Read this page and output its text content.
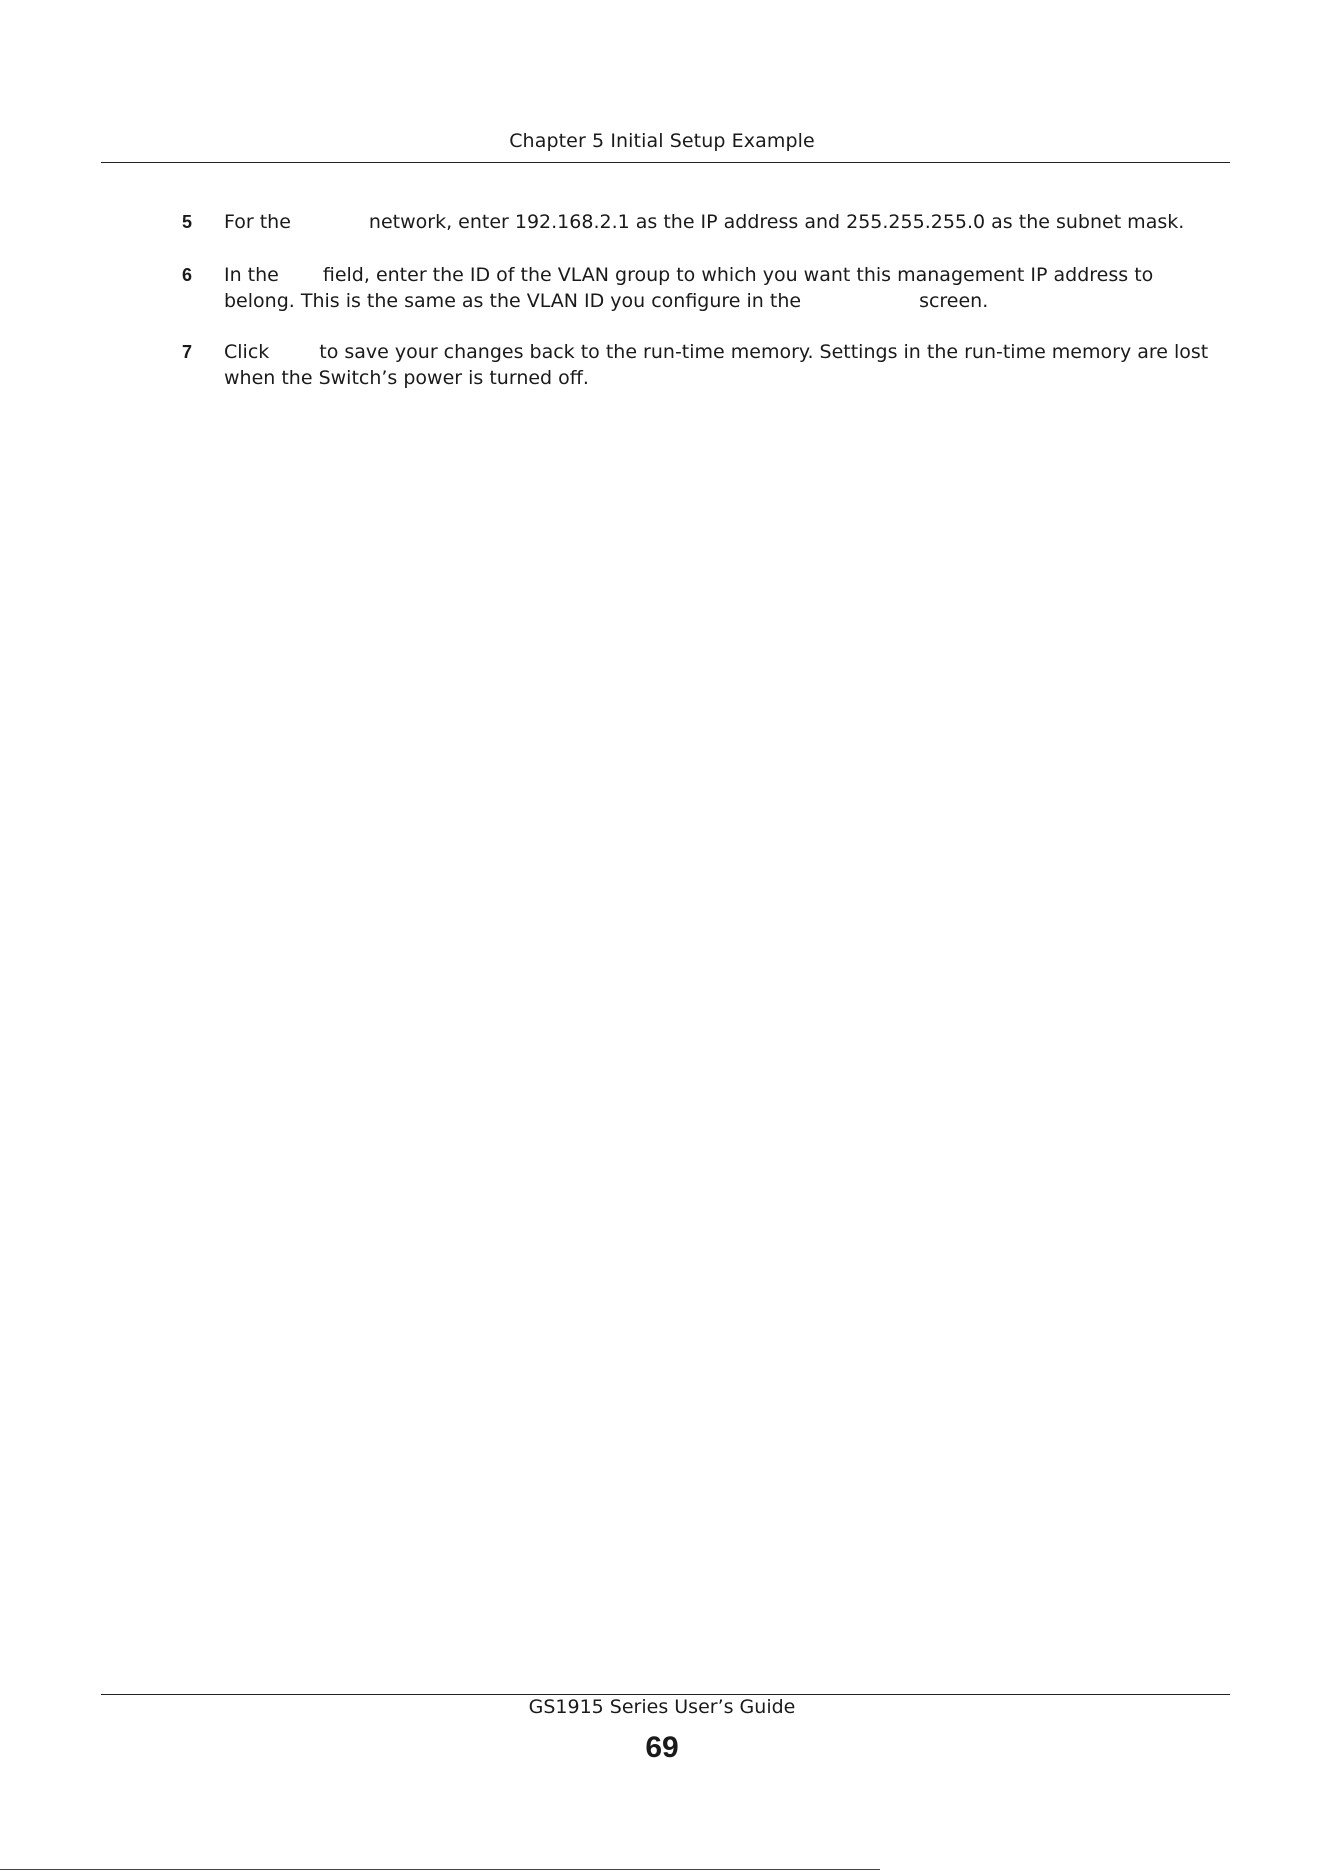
Chapter 5 Initial Setup Example
5 For the	network, enter 192.168.2.1 as the IP address and 255.255.255.0 as the subnet mask.
6 In the field, enter the ID of the VLAN group to which you want this management IP address to
belong. This is the same as the VLAN ID you configure in the	screen.
7 Click	to save your changes back to the run-time memory. Settings in the run-time memory are lost
when the Switch’s power is turned off.
GS1915 Series User’s Guide
69
